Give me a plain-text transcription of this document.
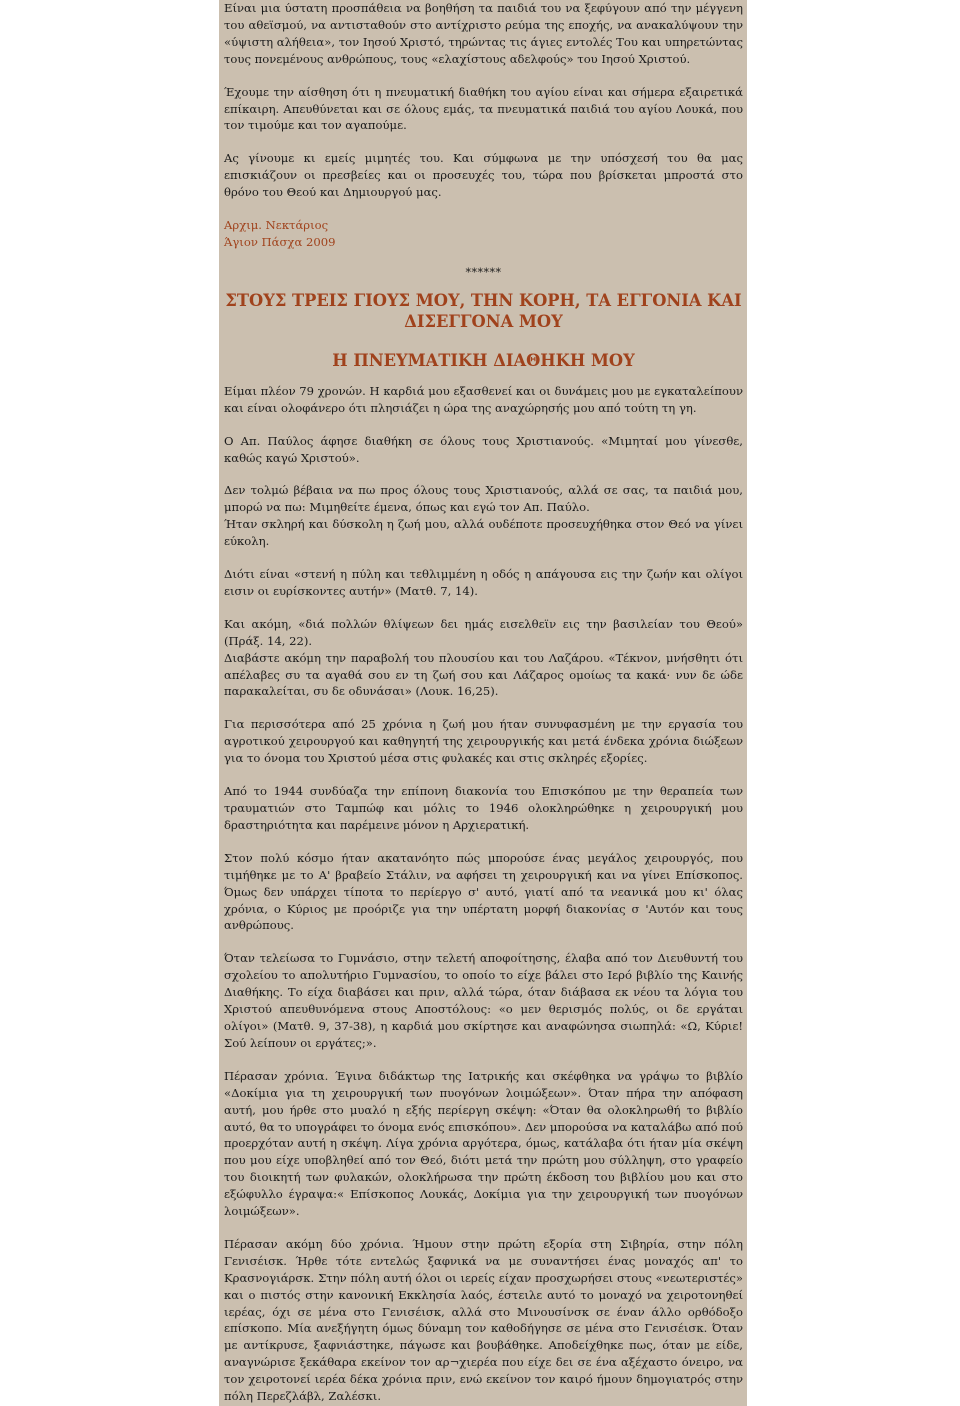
Είναι μια ύστατη προσπάθεια να βοηθήση τα παιδιά του να ξεφύγουν από την μέγγενη του αθεϊσμού, να αντισταθούν στο αντίχριστο ρεύμα της εποχής, να ανακαλύψουν την «ύψιστη αλήθεια», τον Ιησού Χριστό, τηρώντας τις άγιες εντολές Του και υπηρετώντας τους πονεμένους ανθρώπους, τους «ελαχίστους αδελφούς» του Ιησού Χριστού.

Έχουμε την αίσθηση ότι η πνευματική διαθήκη του αγίου είναι και σήμερα εξαιρετικά επίκαιρη. Απευθύνεται και σε όλους εμάς, τα πνευματικά παιδιά του αγίου Λουκά, που τον τιμούμε και τον αγαπούμε.

Ας γίνουμε κι εμείς μιμητές του. Και σύμφωνα με την υπόσχεσή του θα μας επισκιάζουν οι πρεσβείες και οι προσευχές του, τώρα που βρίσκεται μπροστά στο θρόνο του Θεού και Δημιουργού μας.

Αρχιμ. Νεκτάριος
Άγιον Πάσχα 2009
******
ΣΤΟΥΣ ΤΡΕΙΣ ΓΙΟΥΣ ΜΟΥ, ΤΗΝ ΚΟΡΗ, ΤΑ ΕΓΓΟΝΙΑ ΚΑΙ ΔΙΣΕΓΓΟΝΑ ΜΟΥ
Η ΠΝΕΥΜΑΤΙΚΗ ΔΙΑΘΗΚΗ ΜΟΥ

Είμαι πλέον 79 χρονών. Η καρδιά μου εξασθενεί και οι δυνάμεις μου με εγκαταλείπουν και είναι ολοφάνερο ότι πλησιάζει η ώρα της αναχώρησής μου από τούτη τη γη.

Ο Απ. Παύλος άφησε διαθήκη σε όλους τους Χριστιανούς. «Μιμηταί μου γίνεσθε, καθώς καγώ Χριστού».

Δεν τολμώ βέβαια να πω προς όλους τους Χριστιανούς, αλλά σε σας, τα παιδιά μου, μπορώ να πω: Μιμηθείτε έμενα, όπως και εγώ τον Απ. Παύλο.

Ήταν σκληρή και δύσκολη η ζωή μου, αλλά ουδέποτε προσευχήθηκα στον Θεό να γίνει εύκολη.

Διότι είναι «στενή η πύλη και τεθλιμμένη η οδός η απάγουσα εις την ζωήν και ολίγοι εισιν οι ευρίσκοντες αυτήν» (Ματθ. 7, 14).

Και ακόμη, «διά πολλών θλίψεων δει ημάς εισελθεϊν εις την βασιλείαν του Θεού» (Πράξ. 14, 22).

Διαβάστε ακόμη την παραβολή του πλουσίου και του Λαζάρου. «Τέκνον, μνήσθητι ότι απέλαβες συ τα αγαθά σου εν τη ζωή σου και Λάζαρος ομοίως τα κακά· νυν δε ώδε παρακαλείται, συ δε οδυνάσαι» (Λουκ. 16,25).

Για περισσότερα από 25 χρόνια η ζωή μου ήταν συνυφασμένη με την εργασία του αγροτικού χειρουργού και καθηγητή της χειρουργικής και μετά ένδεκα χρόνια διώξεων για το όνομα του Χριστού μέσα στις φυλακές και στις σκληρές εξορίες.

Από το 1944 συνδύαζα την επίπονη διακονία του Επισκόπου με την θεραπεία των τραυματιών στο Ταμπώφ και μόλις το 1946 ολοκληρώθηκε η χειρουργική μου δραστηριότητα και παρέμεινε μόνον η Αρχιερατική.

Στον πολύ κόσμο ήταν ακατανόητο πώς μπορούσε ένας μεγάλος χειρουργός, που τιμήθηκε με το Α' βραβείο Στάλιν, να αφήσει τη χειρουργική και να γίνει Επίσκοπος. Όμως δεν υπάρχει τίποτα το περίεργο σ' αυτό, γιατί από τα νεανικά μου κι' όλας χρόνια, ο Κύριος με προόριζε για την υπέρτατη μορφή διακονίας σ 'Αυτόν και τους ανθρώπους.

Όταν τελείωσα το Γυμνάσιο, στην τελετή αποφοίτησης, έλαβα από τον Διευθυντή του σχολείου το απολυτήριο Γυμνασίου, το οποίο το είχε βάλει στο Ιερό βιβλίο της Καινής Διαθήκης. Το είχα διαβάσει και πριν, αλλά τώρα, όταν διάβασα εκ νέου τα λόγια του Χριστού απευθυνόμενα στους Αποστόλους: «ο μεν θερισμός πολύς, οι δε εργάται ολίγοι» (Ματθ. 9, 37-38), η καρδιά μου σκίρτησε και αναφώνησα σιωπηλά: «Ω, Κύριε! Σού λείπουν οι εργάτες;».

Πέρασαν χρόνια. Έγινα διδάκτωρ της Ιατρικής και σκέφθηκα να γράψω το βιβλίο «Δοκίμια για τη χειρουργική των πυογόνων λοιμώξεων». Όταν πήρα την απόφαση αυτή, μου ήρθε στο μυαλό η εξής περίεργη σκέψη: «Όταν θα ολοκληρωθή το βιβλίο αυτό, θα το υπογράφει το όνομα ενός επισκόπου». Δεν μπορούσα να καταλάβω από πού προερχόταν αυτή η σκέψη. Λίγα χρόνια αργότερα, όμως, κατάλαβα ότι ήταν μία σκέψη που μου είχε υποβληθεί από τον Θεό, διότι μετά την πρώτη μου σύλληψη, στο γραφείο του διοικητή των φυλακών, ολοκλήρωσα την πρώτη έκδοση του βιβλίου μου και στο εξώφυλλο έγραψα:« Επίσκοπος Λουκάς, Δοκίμια για την χειρουργική των πυογόνων λοιμώξεων».

Πέρασαν ακόμη δύο χρόνια. Ήμουν στην πρώτη εξορία στη Σιβηρία, στην πόλη Γενισέισκ. Ήρθε τότε εντελώς ξαφνικά να με συναντήσει ένας μοναχός απ' το Κρασνογιάρσκ. Στην πόλη αυτή όλοι οι ιερείς είχαν προσχωρήσει στους «νεωτεριστές» και ο πιστός στην κανονική Εκκλησία λαός, έστειλε αυτό το μοναχό να χειροτονηθεί ιερέας, όχι σε μένα στο Γενισέισκ, αλλά στο Μινουσίνσκ σε έναν άλλο ορθόδοξο επίσκοπο. Μία ανεξήγητη όμως δύναμη τον καθοδήγησε σε μένα στο Γενισέισκ. Όταν με αντίκρυσε, ξαφνιάστηκε, πάγωσε και βουβάθηκε. Αποδείχθηκε πως, όταν με είδε, αναγνώρισε ξεκάθαρα εκείνον τον αρ¬χιερέα που είχε δει σε ένα αξέχαστο όνειρο, να τον χειροτονεί ιερέα δέκα χρόνια πριν, ενώ εκείνον τον καιρό ήμουν δημογιατρός στην πόλη Περεζλάβλ, Ζαλέσκι.
